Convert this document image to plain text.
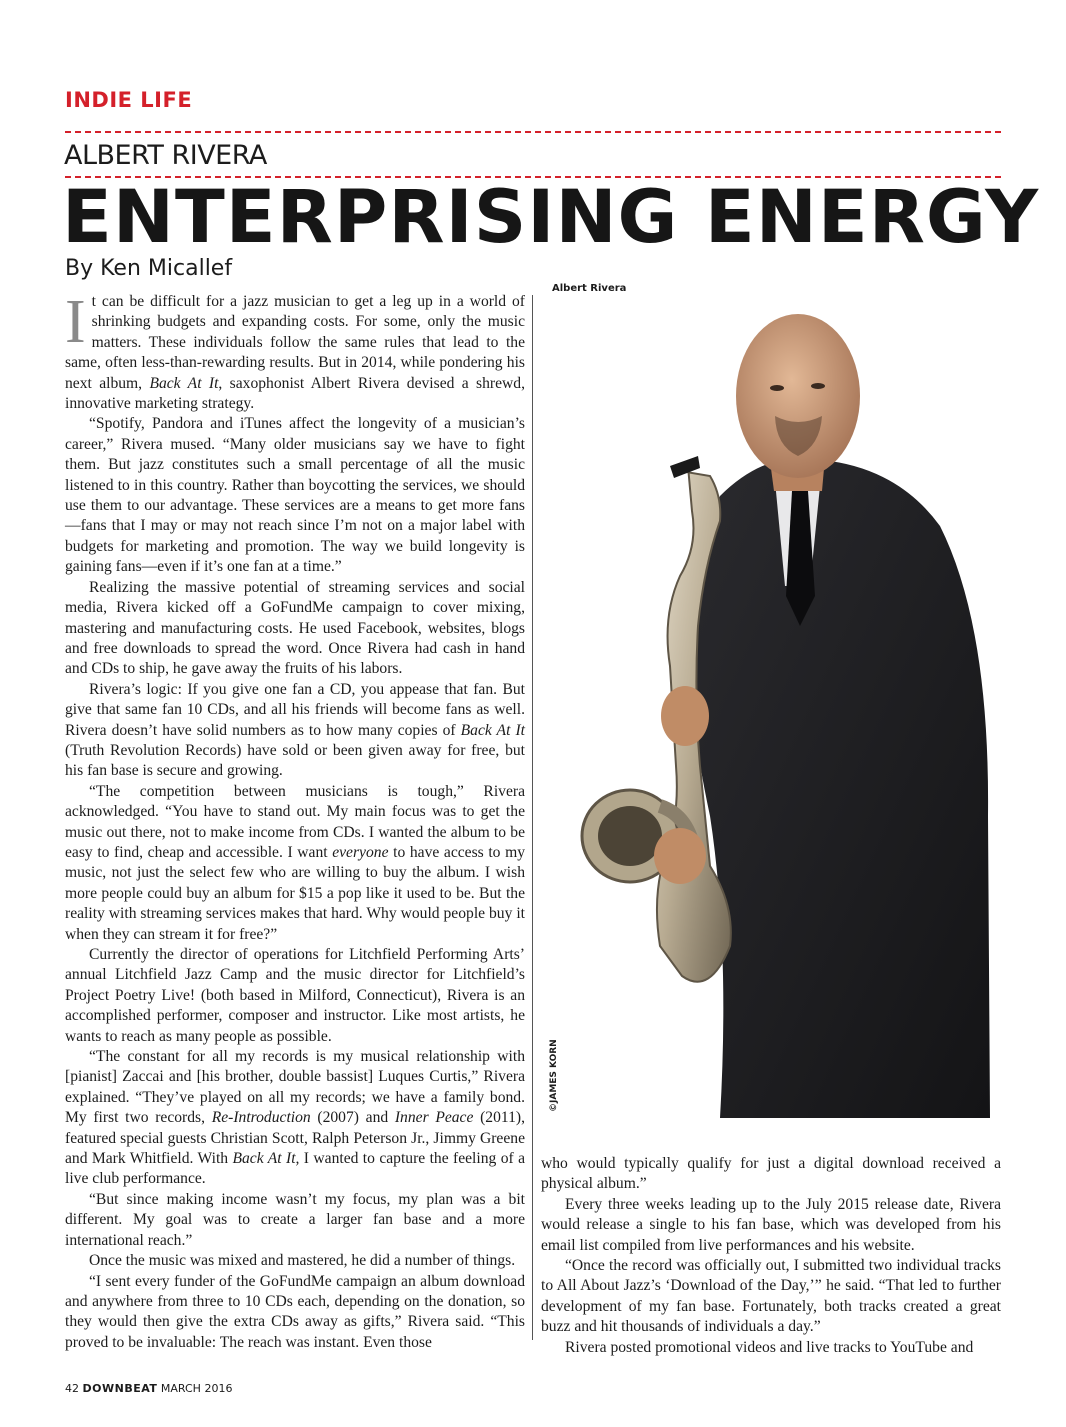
INDIE LIFE
ALBERT RIVERA
ENTERPRISING ENERGY
By Ken Micallef

It can be difficult for a jazz musician to get a leg up in a world of shrinking budgets and expanding costs. For some, only the music matters. These individuals follow the same rules that lead to the same, often less-than-rewarding results. But in 2014, while pondering his next album, Back At It, saxophonist Albert Rivera devised a shrewd, innovative marketing strategy.

“Spotify, Pandora and iTunes affect the longevity of a musician’s career,” Rivera mused. “Many older musicians say we have to fight them. But jazz constitutes such a small percentage of all the music listened to in this country. Rather than boycotting the services, we should use them to our advantage. These services are a means to get more fans—fans that I may or may not reach since I’m not on a major label with budgets for marketing and promotion. The way we build longevity is gaining fans—even if it’s one fan at a time.”

Realizing the massive potential of streaming services and social media, Rivera kicked off a GoFundMe campaign to cover mixing, mastering and manufacturing costs. He used Facebook, websites, blogs and free downloads to spread the word. Once Rivera had cash in hand and CDs to ship, he gave away the fruits of his labors.

Rivera’s logic: If you give one fan a CD, you appease that fan. But give that same fan 10 CDs, and all his friends will become fans as well. Rivera doesn’t have solid numbers as to how many copies of Back At It (Truth Revolution Records) have sold or been given away for free, but his fan base is secure and growing.

“The competition between musicians is tough,” Rivera acknowledged. “You have to stand out. My main focus was to get the music out there, not to make income from CDs. I wanted the album to be easy to find, cheap and accessible. I want everyone to have access to my music, not just the select few who are willing to buy the album. I wish more people could buy an album for $15 a pop like it used to be. But the reality with streaming services makes that hard. Why would people buy it when they can stream it for free?”

Currently the director of operations for Litchfield Performing Arts’ annual Litchfield Jazz Camp and the music director for Litchfield’s Project Poetry Live! (both based in Milford, Connecticut), Rivera is an accomplished performer, composer and instructor. Like most artists, he wants to reach as many people as possible.

“The constant for all my records is my musical relationship with [pianist] Zaccai and [his brother, double bassist] Luques Curtis,” Rivera explained. “They’ve played on all my records; we have a family bond. My first two records, Re-Introduction (2007) and Inner Peace (2011), featured special guests Christian Scott, Ralph Peterson Jr., Jimmy Greene and Mark Whitfield. With Back At It, I wanted to capture the feeling of a live club performance.

“But since making income wasn’t my focus, my plan was a bit different. My goal was to create a larger fan base and a more international reach.”

Once the music was mixed and mastered, he did a number of things.

“I sent every funder of the GoFundMe campaign an album download and anywhere from three to 10 CDs each, depending on the donation, so they would then give the extra CDs away as gifts,” Rivera said. “This proved to be invaluable: The reach was instant. Even those

Albert Rivera
©JAMES KORN

who would typically qualify for just a digital download received a physical album.”

Every three weeks leading up to the July 2015 release date, Rivera would release a single to his fan base, which was developed from his email list compiled from live performances and his website.

“Once the record was officially out, I submitted two individual tracks to All About Jazz’s ‘Download of the Day,’” he said. “That led to further development of my fan base. Fortunately, both tracks created a great buzz and hit thousands of individuals a day.”

Rivera posted promotional videos and live tracks to YouTube and

42 DOWNBEAT MARCH 2016
